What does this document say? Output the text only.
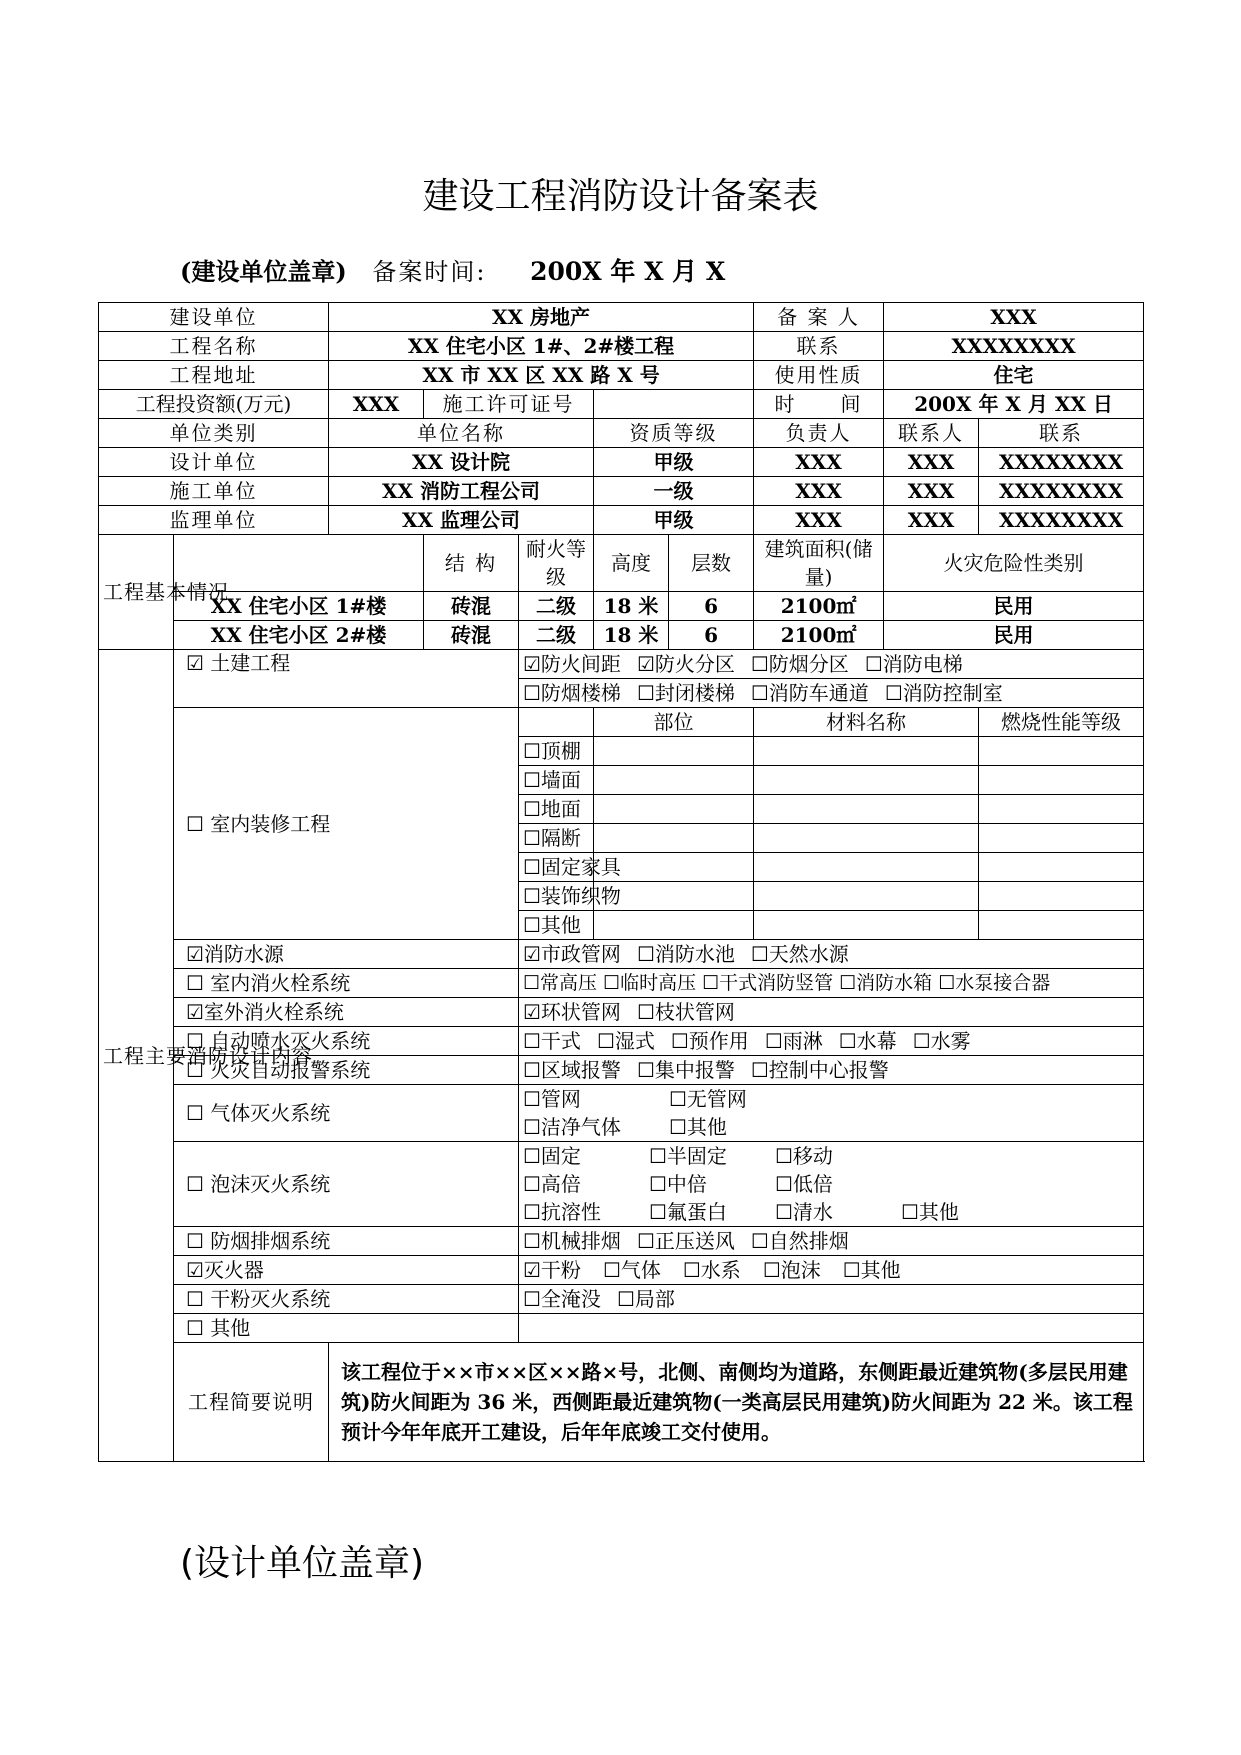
建设工程消防设计备案表
(建设单位盖章) 备案时间: 200X 年 X 月 X
建设单位		XX 房地产					备 案 人	XXX	
工程名称		XX 住宅小区 1#、2#楼工程					联系	XXXXXXXX	
工程地址		XX 市 XX 区 XX 路 X 号					使用性质	住宅	
工程投资额(万元)		XXX	施工许可证号				时　　间	200X 年 X 月 XX 日	
单位类别		单位名称			资质等级		负责人	联系人	联系
设计单位		XX 设计院			甲级		XXX	XXX	XXXXXXXX
施工单位		XX 消防工程公司			一级		XXX	XXX	XXXXXXXX
监理单位		XX 监理公司			甲级		XXX	XXX	XXXXXXXX
工程基本情况			结 构	耐火等级	高度	层数	建筑面积(储量)	火灾危险性类别	
	XX 住宅小区 1#楼		砖混	二级	18 米	6	2100㎡	民用	
	XX 住宅小区 2#楼		砖混	二级	18 米	6	2100㎡	民用	
工程主要消防设计内容	☑ 土建工程			☑防火间距 ☑防火分区 ☐防烟分区 ☐消防电梯					
				☐防烟楼梯 ☐封闭楼梯 ☐消防车通道 ☐消防控制室					
	☐ 室内装修工程				部位		材料名称		燃烧性能等级
				☐顶棚					
				☐墙面					
				☐地面					
				☐隔断					
				☐固定家具					
				☐装饰织物					
				☐其他					
	☑消防水源			☑市政管网 ☐消防水池 ☐天然水源					
	☐ 室内消火栓系统			☐常高压 ☐临时高压 ☐干式消防竖管 ☐消防水箱 ☐水泵接合器					
	☑室外消火栓系统			☑环状管网 ☐枝状管网					
	☐ 自动喷水灭火系统			☐干式 ☐湿式 ☐预作用 ☐雨淋 ☐水幕 ☐水雾					
	☐ 火灾自动报警系统			☐区域报警 ☐集中报警 ☐控制中心报警					
	☐ 气体灭火系统			☐管网 ☐无管网
☐洁净气体 ☐其他					

	☐ 泡沫灭火系统			☐固定 ☐半固定 ☐移动
☐高倍 ☐中倍 ☐低倍
☐抗溶性 ☐氟蛋白 ☐清水 ☐其他					

	☐ 防烟排烟系统			☐机械排烟 ☐正压送风 ☐自然排烟					
	☑灭火器			☑干粉 ☐气体 ☐水系 ☐泡沫 ☐其他					
	☐ 干粉灭火系统			☐全淹没 ☐局部					
	☐ 其他								
	工程简要说明	该工程位于××市××区××路×号，北侧、南侧均为道路，东侧距最近建筑物(多层民用建筑)防火间距为 36 米，西侧距最近建筑物(一类高层民用建筑)防火间距为 22 米。该工程预计今年年底开工建设，后年年底竣工交付使用。							
(设计单位盖章)
